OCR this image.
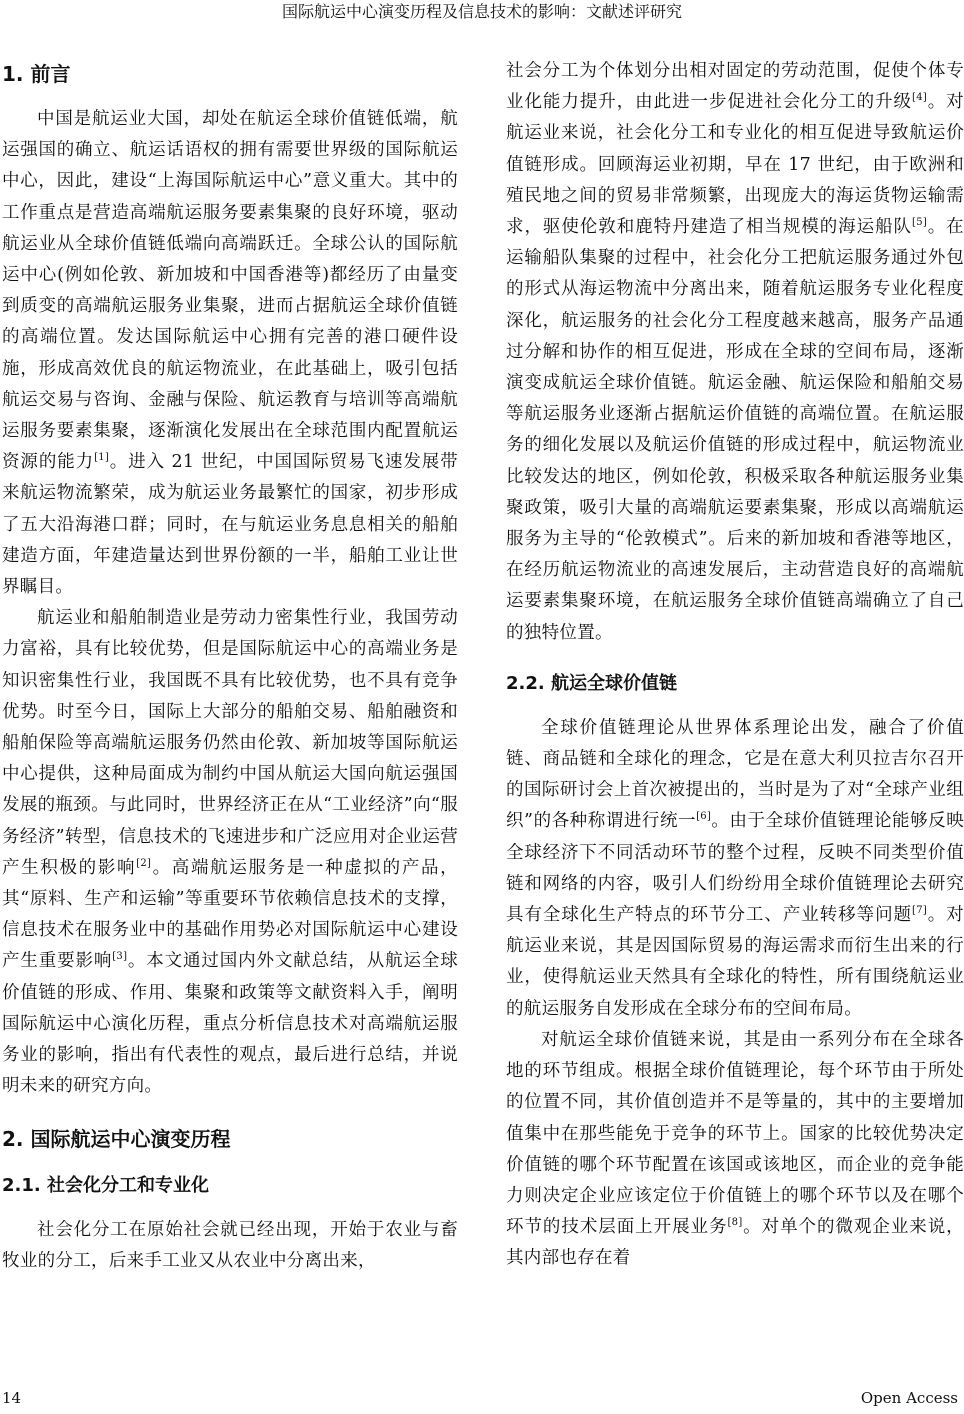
国际航运中心演变历程及信息技术的影响：文献述评研究
1. 前言

中国是航运业大国，却处在航运全球价值链低端，航运强国的确立、航运话语权的拥有需要世界级的国际航运中心，因此，建设“上海国际航运中心”意义重大。其中的工作重点是营造高端航运服务要素集聚的良好环境，驱动航运业从全球价值链低端向高端跃迁。全球公认的国际航运中心(例如伦敦、新加坡和中国香港等)都经历了由量变到质变的高端航运服务业集聚，进而占据航运全球价值链的高端位置。发达国际航运中心拥有完善的港口硬件设施，形成高效优良的航运物流业，在此基础上，吸引包括航运交易与咨询、金融与保险、航运教育与培训等高端航运服务要素集聚，逐渐演化发展出在全球范围内配置航运资源的能力[1]。进入 21 世纪，中国国际贸易飞速发展带来航运物流繁荣，成为航运业务最繁忙的国家，初步形成了五大沿海港口群；同时，在与航运业务息息相关的船舶建造方面，年建造量达到世界份额的一半，船舶工业让世界瞩目。

航运业和船舶制造业是劳动力密集性行业，我国劳动力富裕，具有比较优势，但是国际航运中心的高端业务是知识密集性行业，我国既不具有比较优势，也不具有竞争优势。时至今日，国际上大部分的船舶交易、船舶融资和船舶保险等高端航运服务仍然由伦敦、新加坡等国际航运中心提供，这种局面成为制约中国从航运大国向航运强国发展的瓶颈。与此同时，世界经济正在从“工业经济”向“服务经济”转型，信息技术的飞速进步和广泛应用对企业运营产生积极的影响[2]。高端航运服务是一种虚拟的产品，其“原料、生产和运输”等重要环节依赖信息技术的支撑，信息技术在服务业中的基础作用势必对国际航运中心建设产生重要影响[3]。本文通过国内外文献总结，从航运全球价值链的形成、作用、集聚和政策等文献资料入手，阐明国际航运中心演化历程，重点分析信息技术对高端航运服务业的影响，指出有代表性的观点，最后进行总结，并说明未来的研究方向。

2. 国际航运中心演变历程
2.1. 社会化分工和专业化

社会化分工在原始社会就已经出现，开始于农业与畜牧业的分工，后来手工业又从农业中分离出来，

社会分工为个体划分出相对固定的劳动范围，促使个体专业化能力提升，由此进一步促进社会化分工的升级[4]。对航运业来说，社会化分工和专业化的相互促进导致航运价值链形成。回顾海运业初期，早在 17 世纪，由于欧洲和殖民地之间的贸易非常频繁，出现庞大的海运货物运输需求，驱使伦敦和鹿特丹建造了相当规模的海运船队[5]。在运输船队集聚的过程中，社会化分工把航运服务通过外包的形式从海运物流中分离出来，随着航运服务专业化程度深化，航运服务的社会化分工程度越来越高，服务产品通过分解和协作的相互促进，形成在全球的空间布局，逐渐演变成航运全球价值链。航运金融、航运保险和船舶交易等航运服务业逐渐占据航运价值链的高端位置。在航运服务的细化发展以及航运价值链的形成过程中，航运物流业比较发达的地区，例如伦敦，积极采取各种航运服务业集聚政策，吸引大量的高端航运要素集聚，形成以高端航运服务为主导的“伦敦模式”。后来的新加坡和香港等地区，在经历航运物流业的高速发展后，主动营造良好的高端航运要素集聚环境，在航运服务全球价值链高端确立了自己的独特位置。

2.2. 航运全球价值链

全球价值链理论从世界体系理论出发，融合了价值链、商品链和全球化的理念，它是在意大利贝拉吉尔召开的国际研讨会上首次被提出的，当时是为了对“全球产业组织”的各种称谓进行统一[6]。由于全球价值链理论能够反映全球经济下不同活动环节的整个过程，反映不同类型价值链和网络的内容，吸引人们纷纷用全球价值链理论去研究具有全球化生产特点的环节分工、产业转移等问题[7]。对航运业来说，其是因国际贸易的海运需求而衍生出来的行业，使得航运业天然具有全球化的特性，所有围绕航运业的航运服务自发形成在全球分布的空间布局。

对航运全球价值链来说，其是由一系列分布在全球各地的环节组成。根据全球价值链理论，每个环节由于所处的位置不同，其价值创造并不是等量的，其中的主要增加值集中在那些能免于竞争的环节上。国家的比较优势决定价值链的哪个环节配置在该国或该地区，而企业的竞争能力则决定企业应该定位于价值链上的哪个环节以及在哪个环节的技术层面上开展业务[8]。对单个的微观企业来说，其内部也存在着

14	Open Access
